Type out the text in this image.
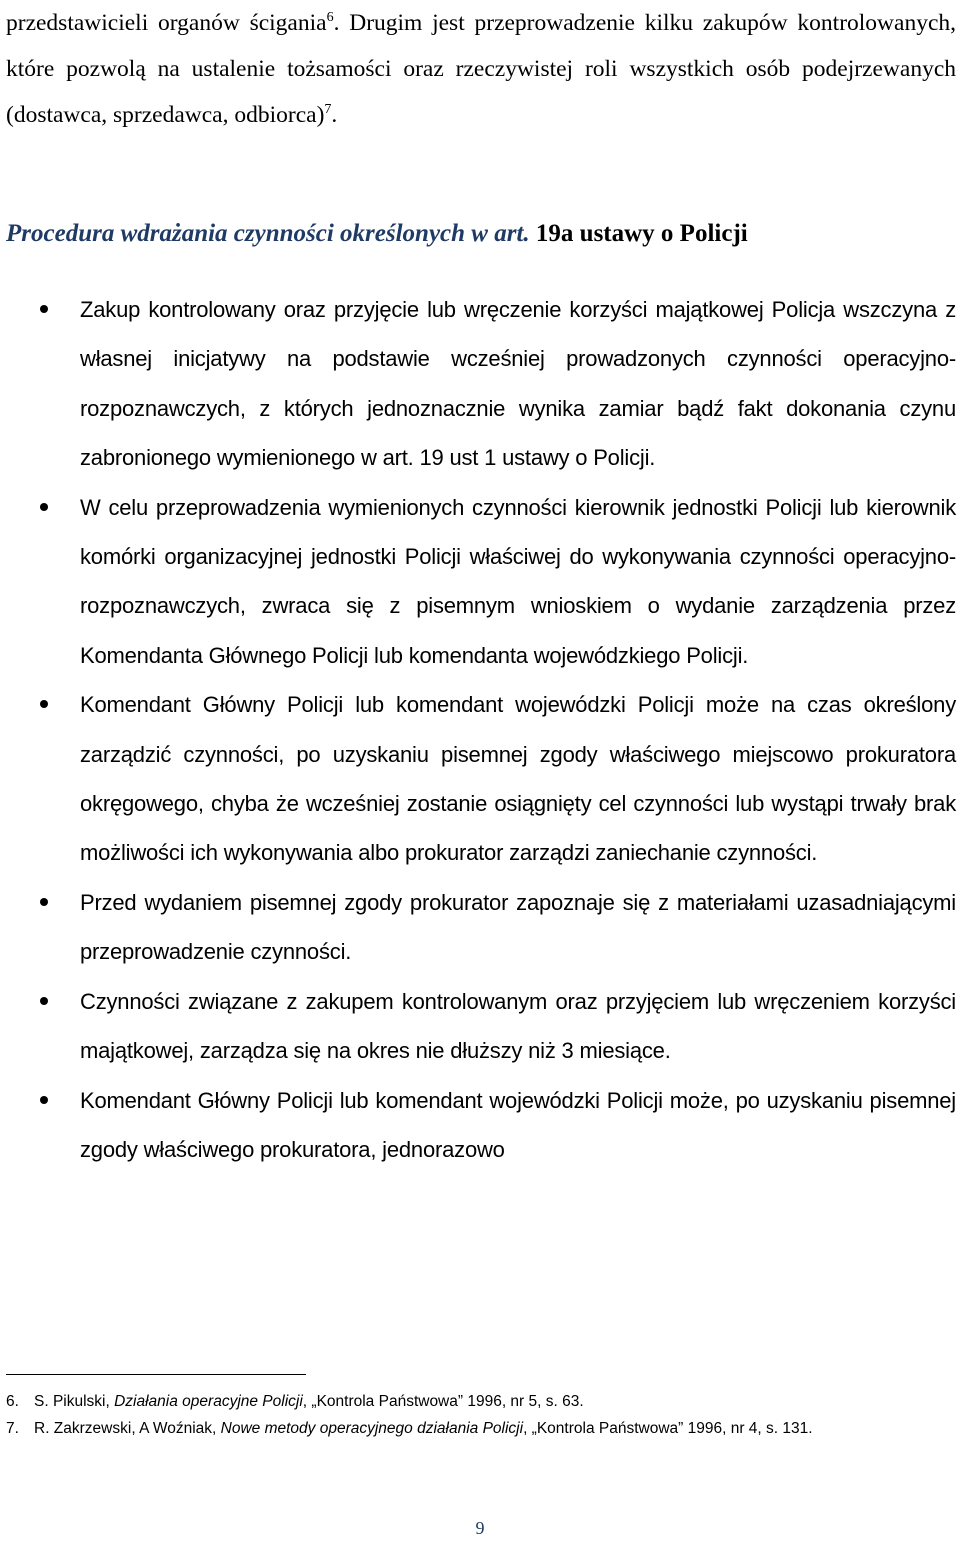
przedstawicieli organów ścigania$^6$. Drugim jest przeprowadzenie kilku zakupów kontrolowanych, które pozwolą na ustalenie tożsamości oraz rzeczywistej roli wszystkich osób podejrzewanych (dostawca, sprzedawca, odbiorca)$^7$.

Procedura wdrażania czynności określonych w art. 19a ustawy o Policji
Zakup kontrolowany oraz przyjęcie lub wręczenie korzyści majątkowej Policja wszczyna z własnej inicjatywy na podstawie wcześniej prowadzonych czynności operacyjno-rozpoznawczych, z których jednoznacznie wynika zamiar bądź fakt dokonania czynu zabronionego wymienionego w art. 19 ust 1 ustawy o Policji.
W celu przeprowadzenia wymienionych czynności kierownik jednostki Policji lub kierownik komórki organizacyjnej jednostki Policji właściwej do wykonywania czynności operacyjno-rozpoznawczych, zwraca się z pisemnym wnioskiem o wydanie zarządzenia przez Komendanta Głównego Policji lub komendanta wojewódzkiego Policji.
Komendant Główny Policji lub komendant wojewódzki Policji może na czas określony zarządzić czynności, po uzyskaniu pisemnej zgody właściwego miejscowo prokuratora okręgowego, chyba że wcześniej zostanie osiągnięty cel czynności lub wystąpi trwały brak możliwości ich wykonywania albo prokurator zarządzi zaniechanie czynności.
Przed wydaniem pisemnej zgody prokurator zapoznaje się z materiałami uzasadniającymi przeprowadzenie czynności.
Czynności związane z zakupem kontrolowanym oraz przyjęciem lub wręczeniem korzyści majątkowej, zarządza się na okres nie dłuższy niż 3 miesiące.
Komendant Główny Policji lub komendant wojewódzki Policji może, po uzyskaniu pisemnej zgody właściwego prokuratora, jednorazowo
6. S. Pikulski, Działania operacyjne Policji, „Kontrola Państwowa” 1996, nr 5, s. 63.
7. R. Zakrzewski, A Woźniak, Nowe metody operacyjnego działania Policji, „Kontrola Państwowa” 1996, nr 4, s. 131.
9
